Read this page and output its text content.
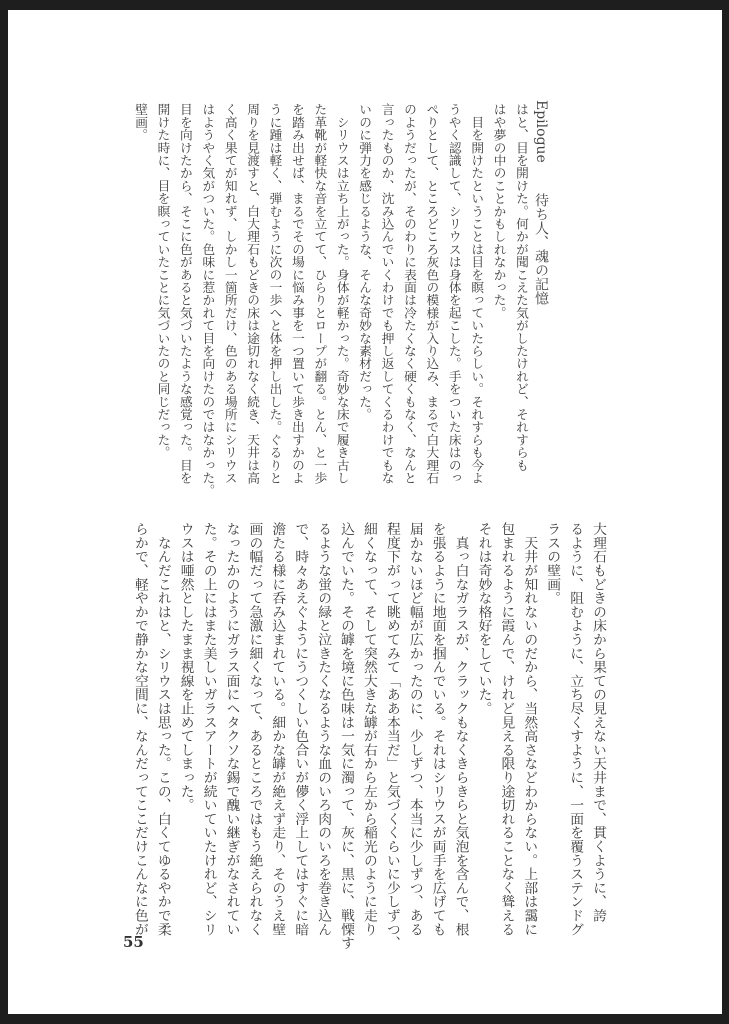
Epilogue待ち人、魂の記憶
はと、目を開けた。何かが聞こえた気がしたけれど、それすらも
はや夢の中のことかもしれなかった。
　目を開けたということは目を瞑っていたらしい。それすらも今よ
うやく認識して、シリウスは身体を起こした。手をついた床はのっ
ぺりとして、ところどころ灰色の模様が入り込み、まるで白大理石
のようだったが、そのわりに表面は冷たくなく硬くもなく、なんと
言ったものか、沈み込んでいくわけでも押し返してくるわけでもな
いのに弾力を感じるような、そんな奇妙な素材だった。
　シリウスは立ち上がった。身体が軽かった。奇妙な床で履き古し
た革靴が軽快な音を立てて、ひらりとロープが翻る。とん、と一歩
を踏み出せば、まるでその場に悩み事を一つ置いて歩き出すかのよ
うに踵は軽く、弾むように次の一歩へと体を押し出した。ぐるりと
周りを見渡すと、白大理石もどきの床は途切れなく続き、天井は高
く高く果てが知れず、しかし一箇所だけ、色のある場所にシリウス
はようやく気がついた。色味に惹かれて目を向けたのではなかった。
目を向けたから、そこに色があると気づいたような感覚った。目を
開けた時に、目を瞑っていたことに気づいたのと同じだった。
壁画。
大理石もどきの床から果ての見えない天井まで、貫くように、誇
るように、阻むように、立ち尽くすように、一面を覆うステンドグ
ラスの壁画。
　天井が知れないのだから、当然高さなどわからない。上部は靄に
包まれるように霞んで、けれど見える限り途切れることなく聳える
それは奇妙な格好をしていた。
　真っ白なガラスが、クラックもなくきらきらと気泡を含んで、根
を張るように地面を掴んでいる。それはシリウスが両手を広げても
届かないほど幅が広かったのに、少しずつ、本当に少しずつ、ある
程度下がって眺めてみて「ああ本当だ」と気づくくらいに少しずつ、
細くなって、そして突然大きな罅が右から左から稲光のように走り
込んでいた。その罅を境に色味は一気に濁って、灰に、黒に、戦慄す
るような蛍の緑と泣きたくなるような血のいろ肉のいろを巻き込ん
で、時々あえぐようにうつくしい色合いが儚く浮上してはすぐに暗
澹たる様に呑み込まれている。細かな罅が絶えず走り、そのうえ壁
画の幅だって急激に細くなって、あるところではもう絶えられなく
なったかのようにガラス面にヘタクソな錫で醜い継ぎがなされてい
た。その上にはまた美しいガラスアートが続いていたけれど、シリ
ウスは唖然としたまま視線を止めてしまった。
　なんだこれはと、シリウスは思った。この、白くてゆるやかで柔
らかで、軽やかで静かな空間に、なんだってここだけこんなに色が
55
